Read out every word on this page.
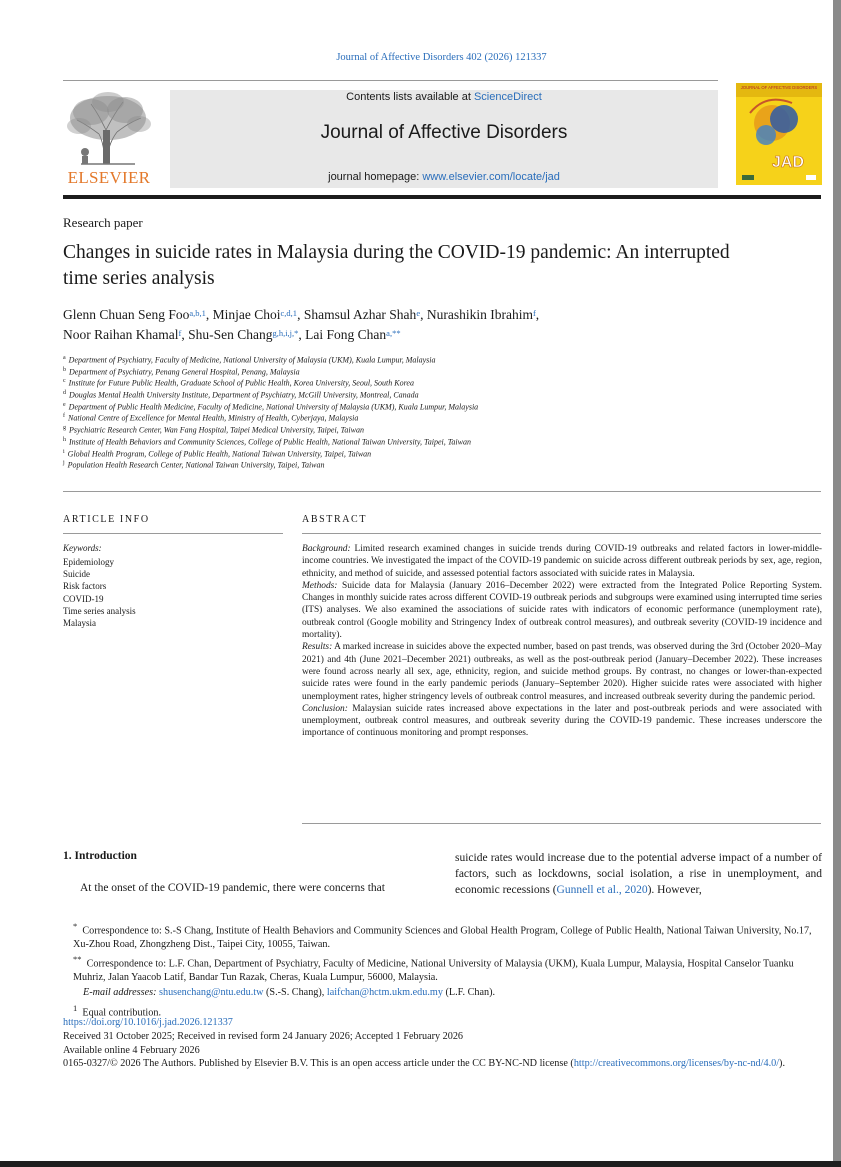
Journal of Affective Disorders 402 (2026) 121337
ELSEVIER
Contents lists available at ScienceDirect
Journal of Affective Disorders
journal homepage: www.elsevier.com/locate/jad
JOURNAL OF AFFECTIVE DISORDERS
JAD
Research paper
Changes in suicide rates in Malaysia during the COVID-19 pandemic: An interrupted time series analysis
Glenn Chuan Seng Foo$^{a,b,1}$, Minjae Choi$^{c,d,1}$, Shamsul Azhar Shah$^e$, Nurashikin Ibrahim$^f$,
Noor Raihan Khamal$^f$, Shu-Sen Chang$^{g,h,i,j,*}$, Lai Fong Chan$^{a,**}$
$^a$ Department of Psychiatry, Faculty of Medicine, National University of Malaysia (UKM), Kuala Lumpur, Malaysia
$^b$ Department of Psychiatry, Penang General Hospital, Penang, Malaysia
$^c$ Institute for Future Public Health, Graduate School of Public Health, Korea University, Seoul, South Korea
$^d$ Douglas Mental Health University Institute, Department of Psychiatry, McGill University, Montreal, Canada
$^e$ Department of Public Health Medicine, Faculty of Medicine, National University of Malaysia (UKM), Kuala Lumpur, Malaysia
$^f$ National Centre of Excellence for Mental Health, Ministry of Health, Cyberjaya, Malaysia
$^g$ Psychiatric Research Center, Wan Fang Hospital, Taipei Medical University, Taipei, Taiwan
$^h$ Institute of Health Behaviors and Community Sciences, College of Public Health, National Taiwan University, Taipei, Taiwan
$^i$ Global Health Program, College of Public Health, National Taiwan University, Taipei, Taiwan
$^j$ Population Health Research Center, National Taiwan University, Taipei, Taiwan
ARTICLE INFO
Keywords:
Epidemiology
Suicide
Risk factors
COVID-19
Time series analysis
Malaysia
ABSTRACT

Background: Limited research examined changes in suicide trends during COVID-19 outbreaks and related factors in lower-middle-income countries. We investigated the impact of the COVID-19 pandemic on suicide across different outbreak periods by sex, age, region, ethnicity, and method of suicide, and assessed potential factors associated with suicide rates in Malaysia.

Methods: Suicide data for Malaysia (January 2016–December 2022) were extracted from the Integrated Police Reporting System. Changes in monthly suicide rates across different COVID-19 outbreak periods and subgroups were examined using interrupted time series (ITS) analyses. We also examined the associations of suicide rates with indicators of economic performance (unemployment rate), outbreak control (Google mobility and Stringency Index of outbreak control measures), and outbreak severity (COVID-19 incidence and mortality).

Results: A marked increase in suicides above the expected number, based on past trends, was observed during the 3rd (October 2020–May 2021) and 4th (June 2021–December 2021) outbreaks, as well as the post-outbreak period (January–December 2022). These increases were found across nearly all sex, age, ethnicity, region, and suicide method groups. By contrast, no changes or lower-than-expected suicide rates were found in the early pandemic periods (January–September 2020). Higher suicide rates were associated with higher unemployment rates, higher stringency levels of outbreak control measures, and increased outbreak severity during the pandemic period.

Conclusion: Malaysian suicide rates increased above expectations in the later and post-outbreak periods and were associated with unemployment, outbreak control measures, and outbreak severity during the COVID-19 pandemic. These increases underscore the importance of continuous monitoring and prompt responses.

1. Introduction
At the onset of the COVID-19 pandemic, there were concerns that
suicide rates would increase due to the potential adverse impact of a number of factors, such as lockdowns, social isolation, a rise in unemployment, and economic recessions (Gunnell et al., 2020). However,

* Correspondence to: S.-S Chang, Institute of Health Behaviors and Community Sciences and Global Health Program, College of Public Health, National Taiwan University, No.17, Xu-Zhou Road, Zhongzheng Dist., Taipei City, 10055, Taiwan.

** Correspondence to: L.F. Chan, Department of Psychiatry, Faculty of Medicine, National University of Malaysia (UKM), Kuala Lumpur, Malaysia, Hospital Canselor Tuanku Muhriz, Jalan Yaacob Latif, Bandar Tun Razak, Cheras, Kuala Lumpur, 56000, Malaysia.

E-mail addresses: shusenchang@ntu.edu.tw (S.-S. Chang), laifchan@hctm.ukm.edu.my (L.F. Chan).

$^1$ Equal contribution.

https://doi.org/10.1016/j.jad.2026.121337
Received 31 October 2025; Received in revised form 24 January 2026; Accepted 1 February 2026
Available online 4 February 2026
0165-0327/© 2026 The Authors. Published by Elsevier B.V. This is an open access article under the CC BY-NC-ND license (http://creativecommons.org/licenses/by-nc-nd/4.0/).
